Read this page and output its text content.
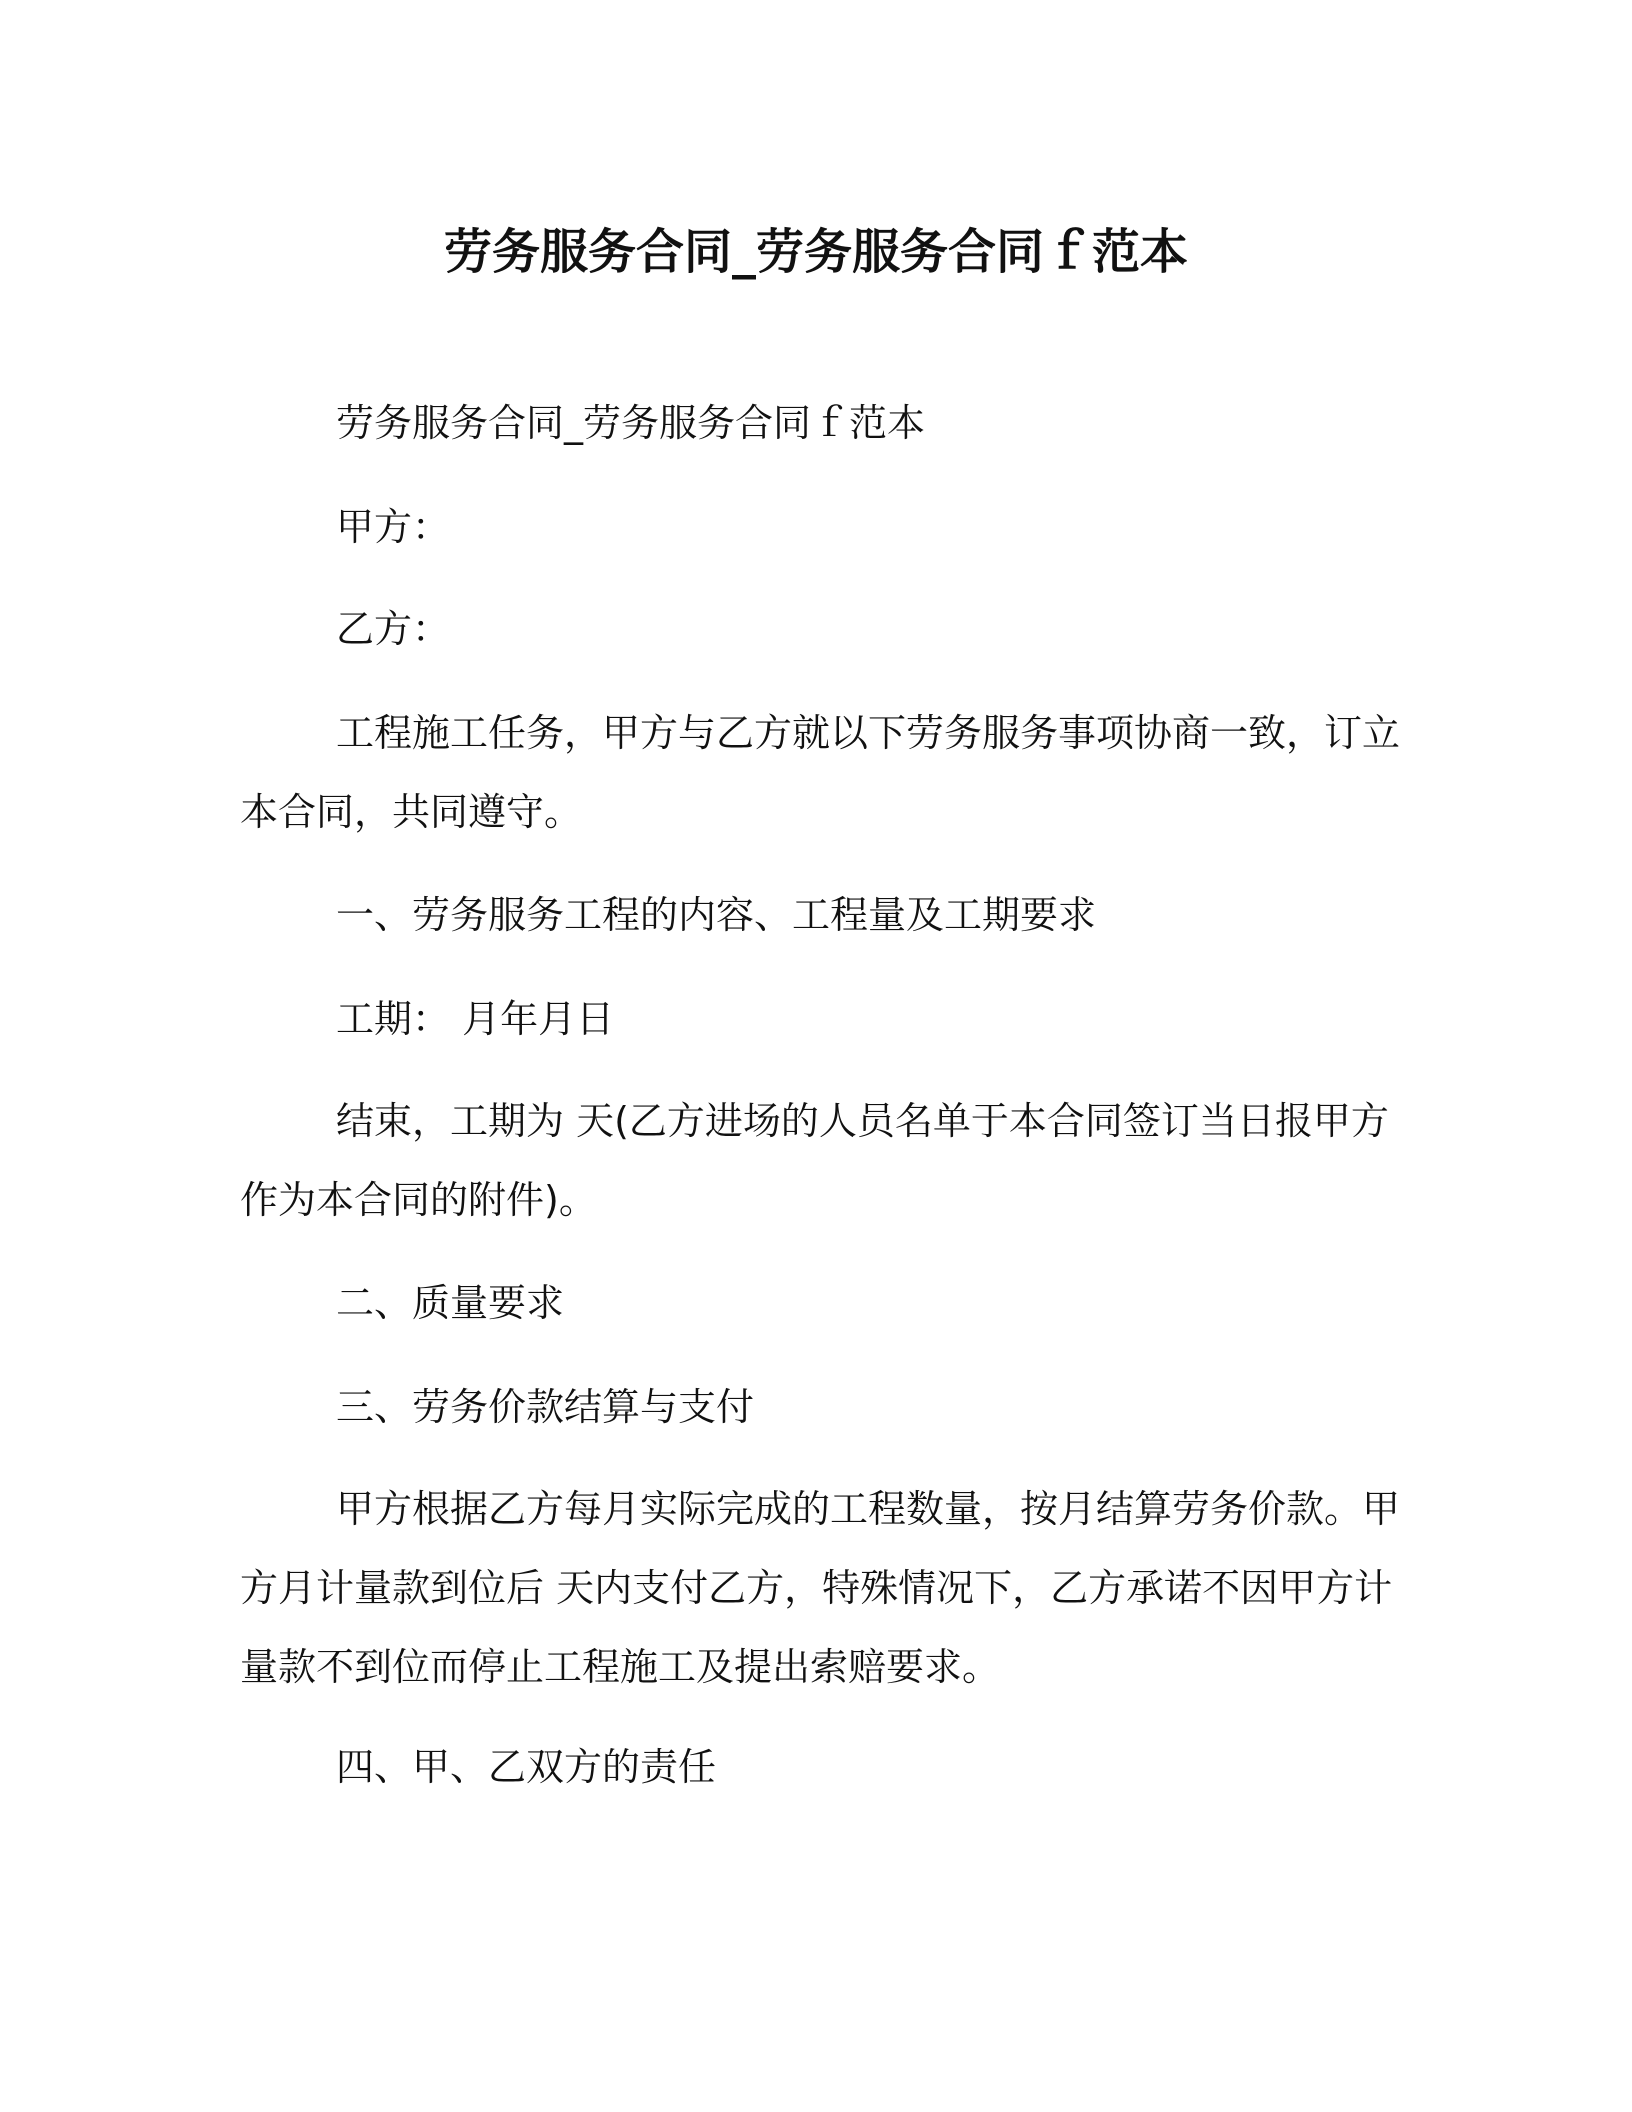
劳务服务合同_劳务服务合同ｆ范本

劳务服务合同_劳务服务合同ｆ范本

甲方：

乙方：

工程施工任务，甲方与乙方就以下劳务服务事项协商一致，订立本合同，共同遵守。

一、劳务服务工程的内容、工程量及工期要求

工期： 月年月日

结束，工期为 天(乙方进场的人员名单于本合同签订当日报甲方作为本合同的附件)。

二、质量要求

三、劳务价款结算与支付

甲方根据乙方每月实际完成的工程数量，按月结算劳务价款。甲方月计量款到位后 天内支付乙方，特殊情况下，乙方承诺不因甲方计量款不到位而停止工程施工及提出索赔要求。

四、甲、乙双方的责任
